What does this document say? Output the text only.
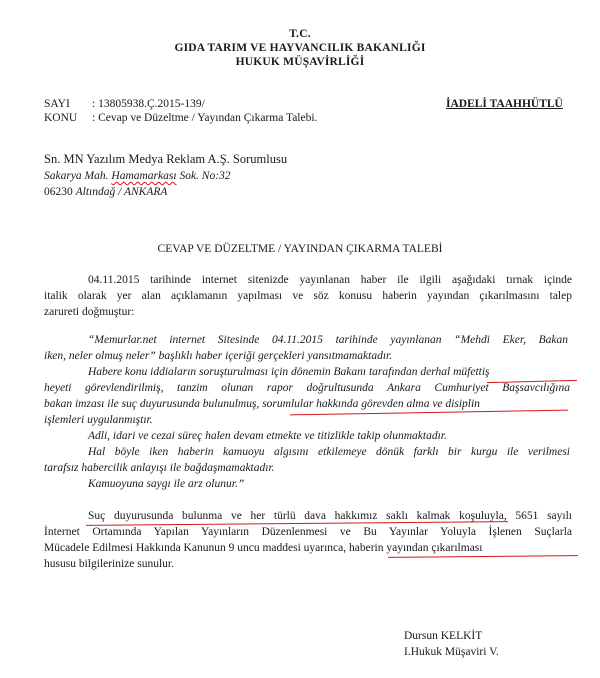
T.C.
GIDA TARIM VE HAYVANCILIK BAKANLIĞI
HUKUK MÜŞAVİRLİĞİ
SAYI : 13805938.Ç.2015-139/	İADELİ TAAHHÜTLÜ
KONU : Cevap ve Düzeltme / Yayından Çıkarma Talebi.
Sn. MN Yazılım Medya Reklam A.Ş. Sorumlusu
Sakarya Mah. Hamamarkası Sok. No:32
06230 Altındağ / ANKARA
CEVAP VE DÜZELTME / YAYINDAN ÇIKARMA TALEBİ
04.11.2015 tarihinde internet sitenizde yayınlanan haber ile ilgili aşağıdaki tırnak içinde
italik olarak yer alan açıklamanın yapılması ve söz konusu haberin yayından çıkarılmasını talep
zarureti doğmuştur:
“Memurlar.net internet Sitesinde 04.11.2015 tarihinde yayınlanan “Mehdi Eker, Bakan
iken, neler olmuş neler” başlıklı haber içeriği gerçekleri yansıtmamaktadır.
Habere konu iddiaların soruşturulması için dönemin Bakanı tarafından derhal müfettiş
heyeti görevlendirilmiş, tanzim olunan rapor doğrultusunda Ankara Cumhuriyet Başsavcılığına
bakan imzası ile suç duyurusunda bulunulmuş, sorumlular hakkında görevden alma ve disiplin
işlemleri uygulanmıştır.
Adli, idari ve cezai süreç halen devam etmekte ve titizlikle takip olunmaktadır.
Hal böyle iken haberin kamuoyu algısını etkilemeye dönük farklı bir kurgu ile verilmesi
tarafsız habercilik anlayışı ile bağdaşmamaktadır.
Kamuoyuna saygı ile arz olunur.”
Suç duyurusunda bulunma ve her türlü dava hakkımız saklı kalmak koşuluyla, 5651 sayılı
İnternet Ortamında Yapılan Yayınların Düzenlenmesi ve Bu Yayınlar Yoluyla İşlenen Suçlarla
Mücadele Edilmesi Hakkında Kanunun 9 uncu maddesi uyarınca, haberin yayından çıkarılması
hususu bilgilerinize sunulur.
Dursun KELKİT
I.Hukuk Müşaviri V.
